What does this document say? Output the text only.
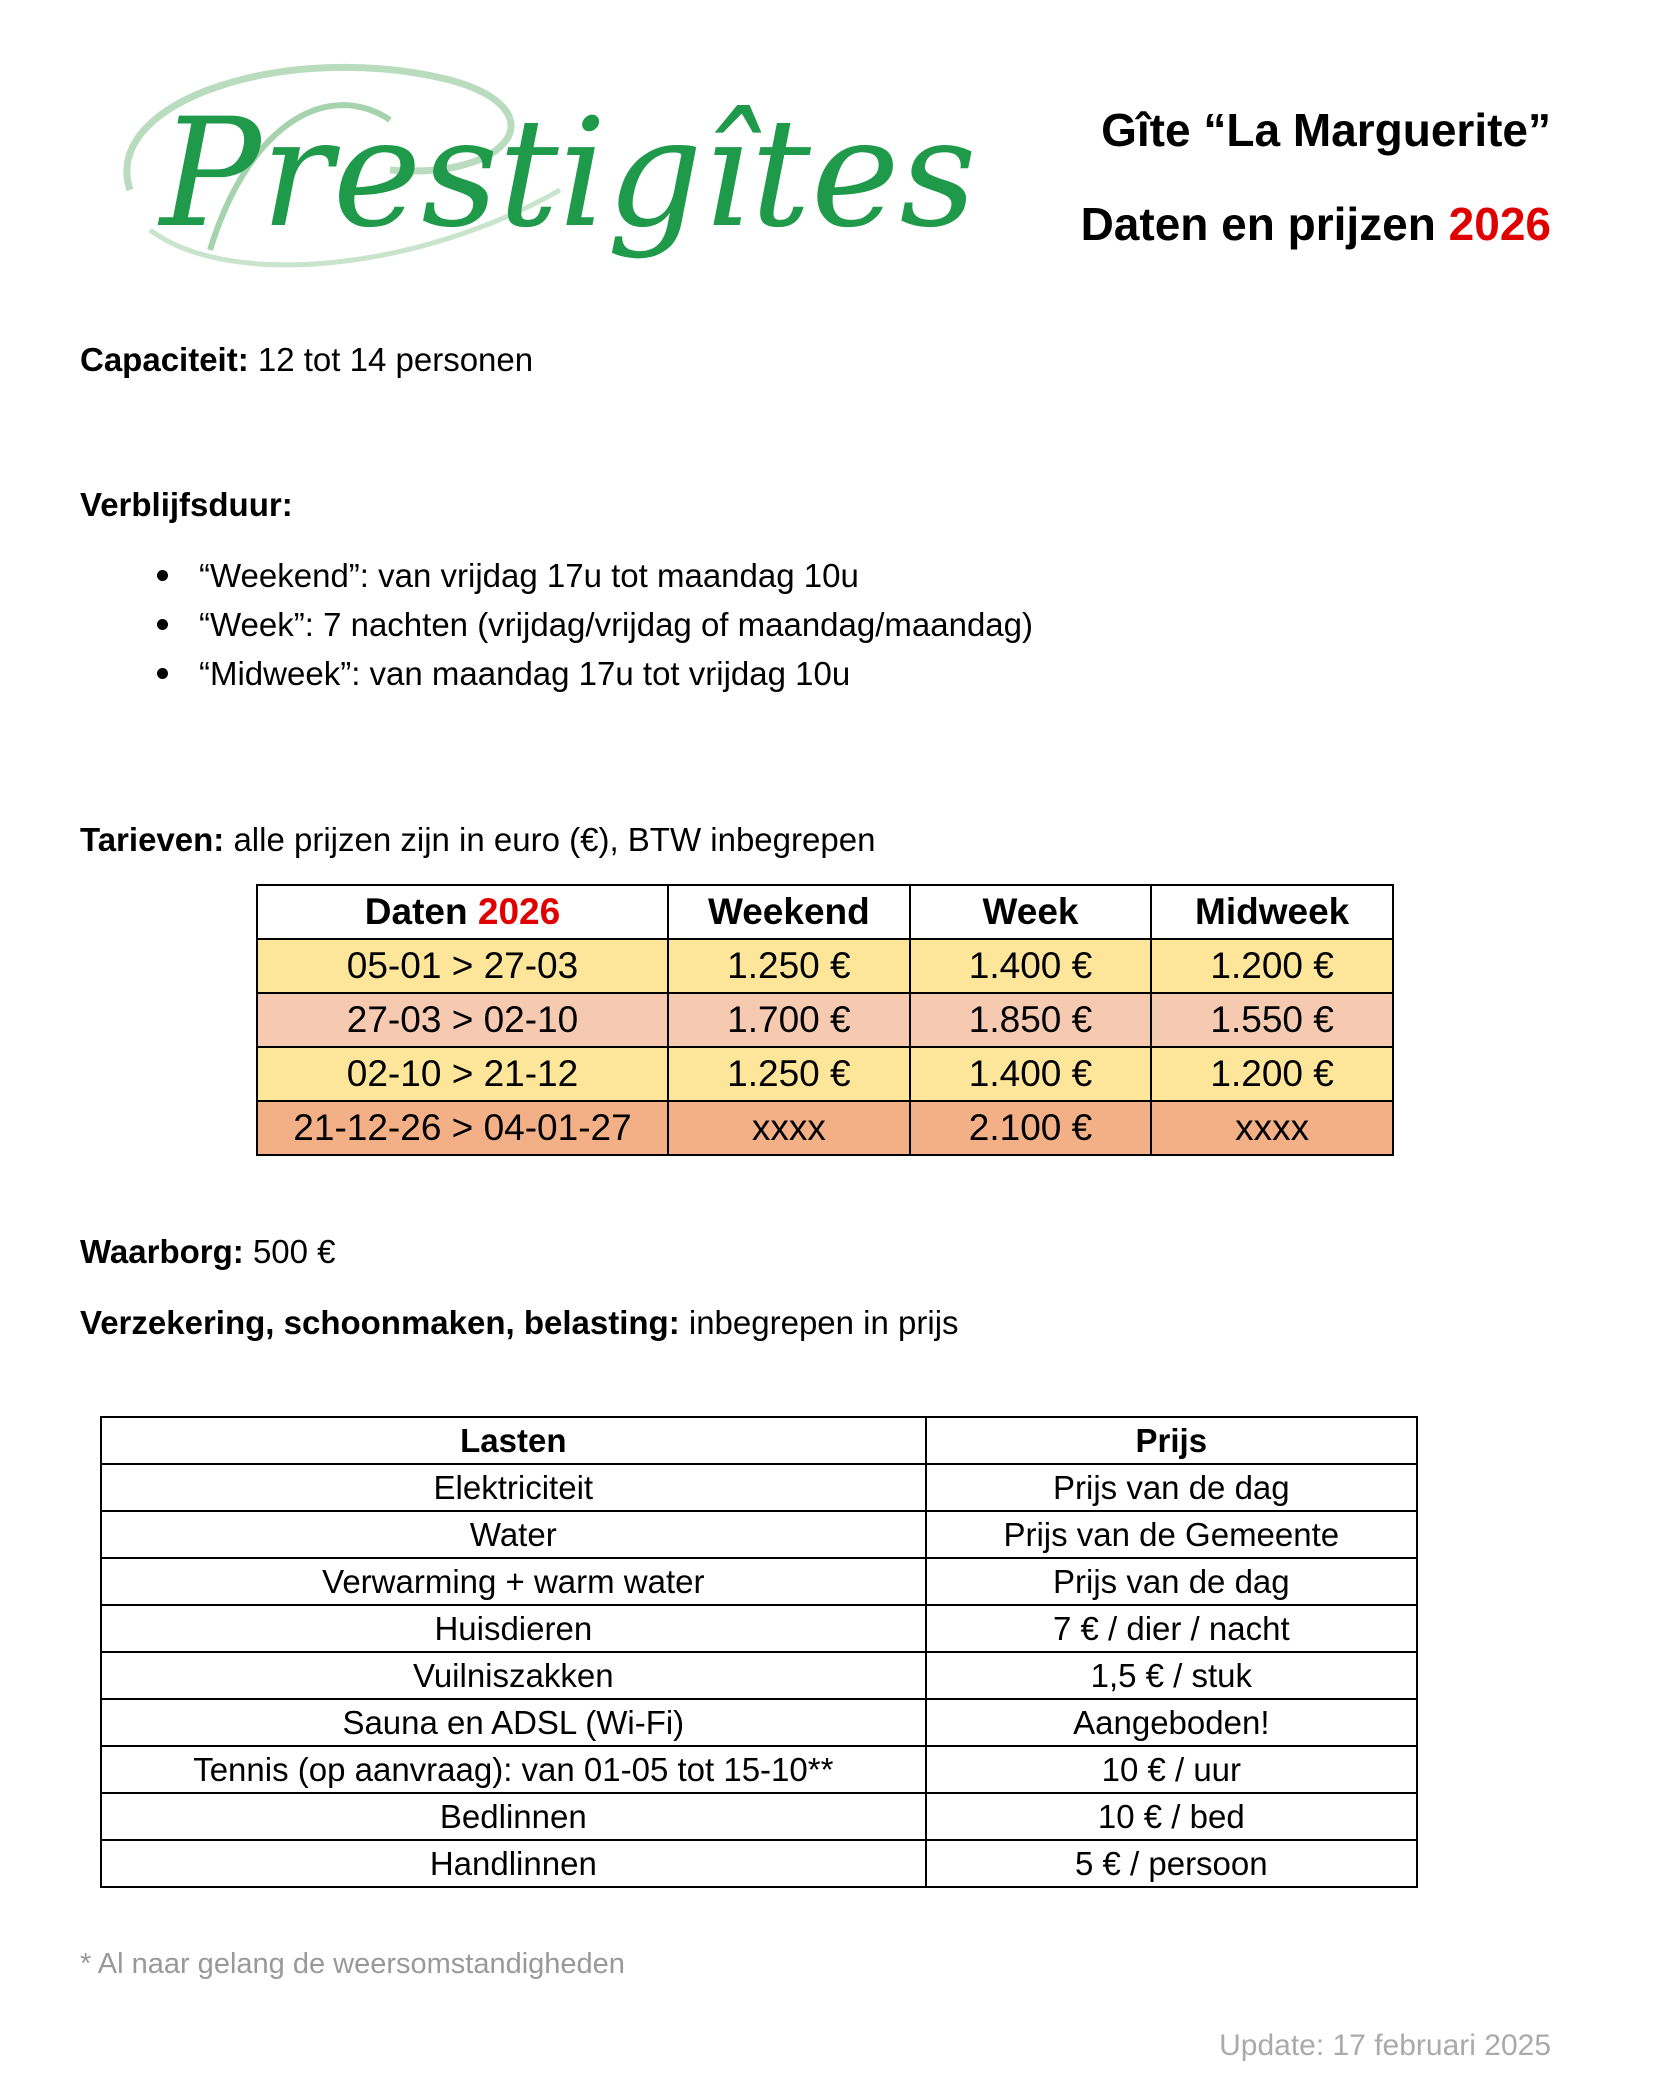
Prestigîtes	Gîte “La Marguerite”
Daten en prijzen 2026
Capaciteit: 12 tot 14 personen
Verblijfsduur:
“Weekend”: van vrijdag 17u tot maandag 10u
“Week”: 7 nachten (vrijdag/vrijdag of maandag/maandag)
“Midweek”: van maandag 17u tot vrijdag 10u
Tarieven: alle prijzen zijn in euro (€), BTW inbegrepen
Daten 2026	Weekend	Week	Midweek
05-01 > 27-03	1.250 €	1.400 €	1.200 €
27-03 > 02-10	1.700 €	1.850 €	1.550 €
02-10 > 21-12	1.250 €	1.400 €	1.200 €
21-12-26 > 04-01-27	xxxx	2.100 €	xxxx
Waarborg: 500 €
Verzekering, schoonmaken, belasting: inbegrepen in prijs
Lasten	Prijs
Elektriciteit	Prijs van de dag
Water	Prijs van de Gemeente
Verwarming + warm water	Prijs van de dag
Huisdieren	7 € / dier / nacht
Vuilniszakken	1,5 € / stuk
Sauna en ADSL (Wi-Fi)	Aangeboden!
Tennis (op aanvraag): van 01-05 tot 15-10**	10 € / uur
Bedlinnen	10 € / bed
Handlinnen	5 € / persoon
* Al naar gelang de weersomstandigheden
Update: 17 februari 2025
